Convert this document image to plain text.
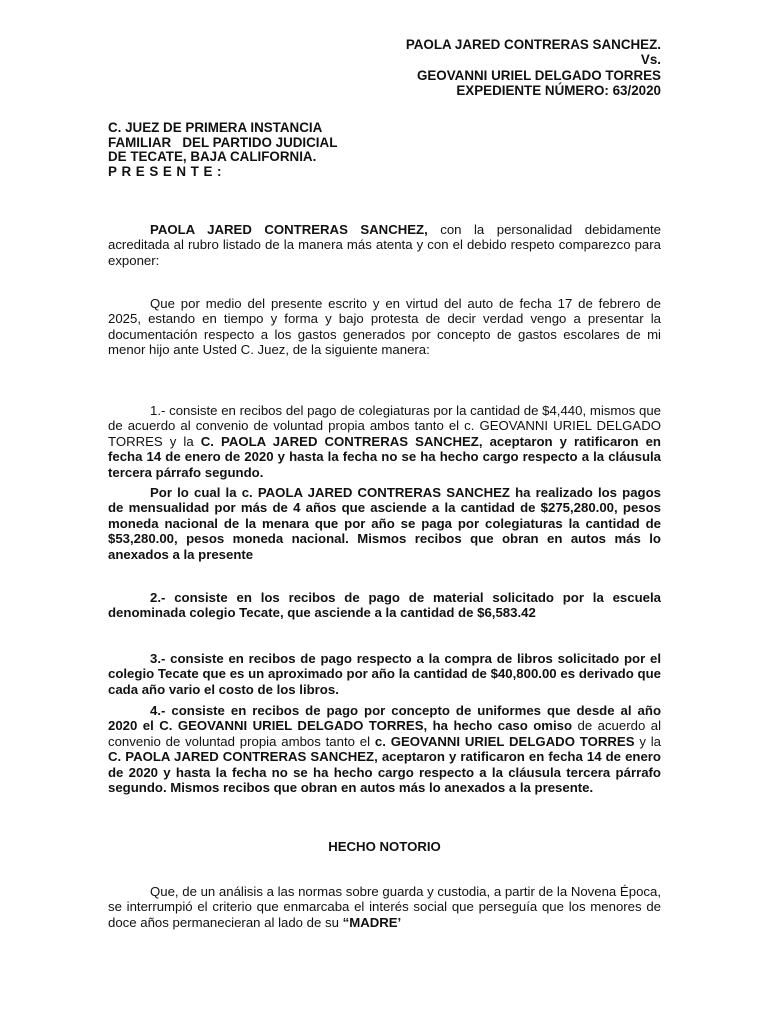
PAOLA JARED CONTRERAS SANCHEZ.
Vs.
GEOVANNI URIEL DELGADO TORRES
EXPEDIENTE NÚMERO: 63/2020
C. JUEZ DE PRIMERA INSTANCIA
FAMILIAR   DEL PARTIDO JUDICIAL
DE TECATE, BAJA CALIFORNIA.
PRESENTE:

PAOLA JARED CONTRERAS SANCHEZ, con la personalidad debidamente acreditada al rubro listado de la manera más atenta y con el debido respeto comparezco para exponer:

Que por medio del presente escrito y en virtud del auto de fecha 17 de febrero de 2025, estando en tiempo y forma y bajo protesta de decir verdad vengo a presentar la documentación respecto a los gastos generados por concepto de gastos escolares de mi menor hijo ante Usted C. Juez, de la siguiente manera:

1.- consiste en recibos del pago de colegiaturas por la cantidad de $4,440, mismos que de acuerdo al convenio de voluntad propia ambos tanto el c. GEOVANNI URIEL DELGADO TORRES y la C. PAOLA JARED CONTRERAS SANCHEZ, aceptaron y ratificaron en fecha 14 de enero de 2020 y hasta la fecha no se ha hecho cargo respecto a la cláusula tercera párrafo segundo.

Por lo cual la c. PAOLA JARED CONTRERAS SANCHEZ ha realizado los pagos de mensualidad por más de 4 años que asciende a la cantidad de $275,280.00, pesos moneda nacional de la menara que por año se paga por colegiaturas la cantidad de $53,280.00, pesos moneda nacional. Mismos recibos que obran en autos más lo anexados a la presente

2.- consiste en los recibos de pago de material solicitado por la escuela denominada colegio Tecate, que asciende a la cantidad de $6,583.42

3.- consiste en recibos de pago respecto a la compra de libros solicitado por el colegio Tecate que es un aproximado por año la cantidad de $40,800.00 es derivado que cada año vario el costo de los libros.

4.- consiste en recibos de pago por concepto de uniformes que desde al año 2020 el C. GEOVANNI URIEL DELGADO TORRES, ha hecho caso omiso de acuerdo al convenio de voluntad propia ambos tanto el c. GEOVANNI URIEL DELGADO TORRES y la C. PAOLA JARED CONTRERAS SANCHEZ, aceptaron y ratificaron en fecha 14 de enero de 2020 y hasta la fecha no se ha hecho cargo respecto a la cláusula tercera párrafo segundo. Mismos recibos que obran en autos más lo anexados a la presente.

HECHO NOTORIO

Que, de un análisis a las normas sobre guarda y custodia, a partir de la Novena Época, se interrumpió el criterio que enmarcaba el interés social que perseguía que los menores de doce años permanecieran al lado de su “MADRE’
